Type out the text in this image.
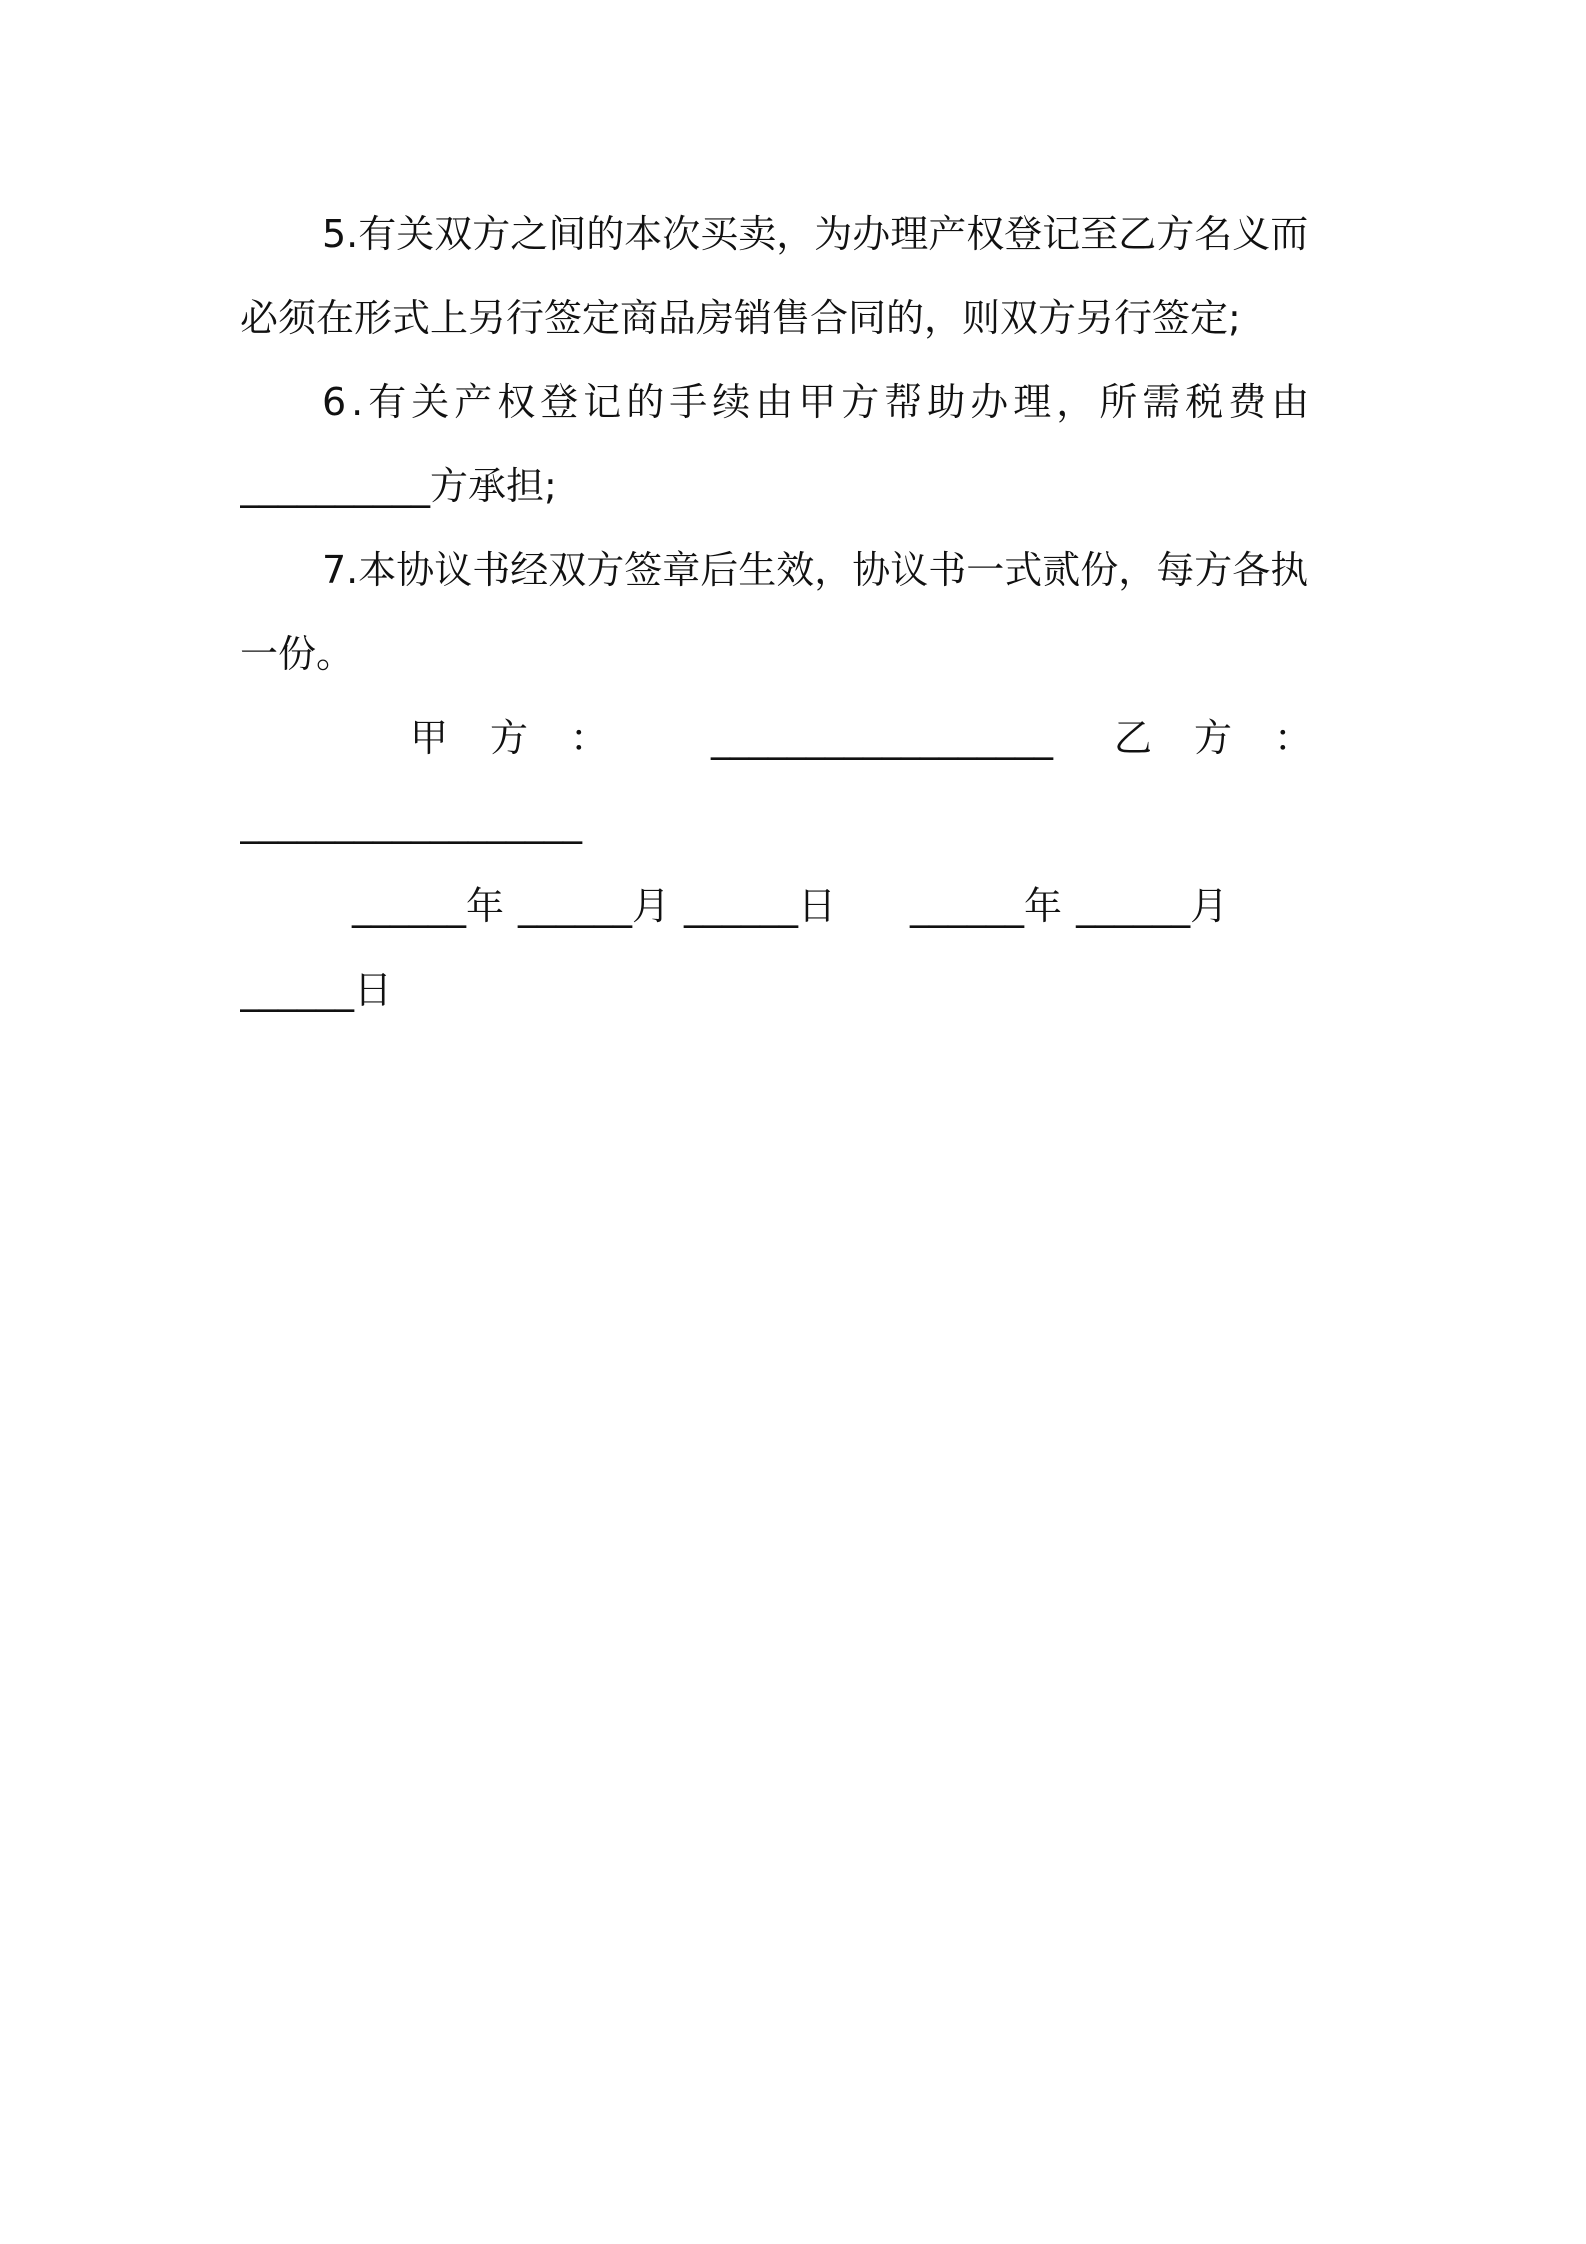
5.有关双方之间的本次买卖，为办理产权登记至乙方名义而
必须在形式上另行签定商品房销售合同的，则双方另行签定;
6.有关产权登记的手续由甲方帮助办理，所需税费由
__________方承担;
7.本协议书经双方签章后生效，协议书一式贰份，每方各执
一份。
甲方： __________________ 乙方：
__________________
______年 ______月 ______日 ______年 ______月
______日
